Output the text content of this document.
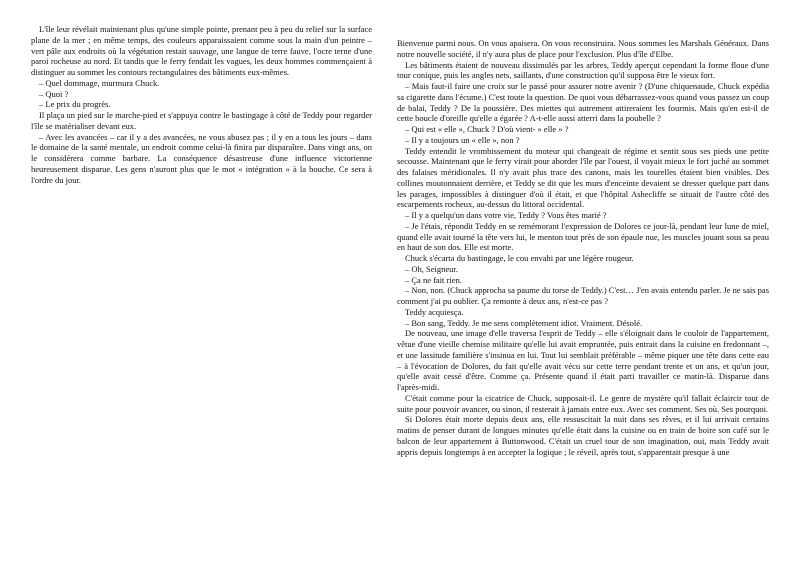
L'île leur révélait maintenant plus qu'une simple pointe, prenant peu à peu du relief sur la surface plane de la mer ; en même temps, des couleurs apparaissaient comme sous la main d'un peintre – vert pâle aux endroits où la végétation restait sauvage, une langue de terre fauve, l'ocre terne d'une paroi rocheuse au nord. Et tandis que le ferry fendait les vagues, les deux hommes commençaient à distinguer au sommet les contours rectangulaires des bâtiments eux-mêmes.

– Quel dommage, murmura Chuck.

– Quoi ?

– Le prix du progrès.

Il plaça un pied sur le marche-pied et s'appuya contre le bastingage à côté de Teddy pour regarder l'île se matérialiser devant eux.

– Avec les avancées – car il y a des avancées, ne vous abusez pas ; il y en a tous les jours – dans le domaine de la santé mentale, un endroit comme celui-là finira par disparaître. Dans vingt ans, on le considérera comme barbare. La conséquence désastreuse d'une influence victorienne heureusement disparue. Les gens n'auront plus que le mot « intégration » à la bouche. Ce sera à l'ordre du jour.

Bienvenue parmi nous. On vous apaisera. On vous reconstruira. Nous sommes les Marshals Généraux. Dans notre nouvelle société, il n'y aura plus de place pour l'exclusion. Plus d'île d'Elbe.

Les bâtiments étaient de nouveau dissimulés par les arbres, Teddy aperçut cependant la forme floue d'une tour conique, puis les angles nets, saillants, d'une construction qu'il supposa être le vieux fort.

– Mais faut-il faire une croix sur le passé pour assurer notre avenir ? (D'une chiquenaude, Chuck expédia sa cigarette dans l'écume.) C'est toute la question. De quoi vous débarrassez-vous quand vous passez un coup de balai, Teddy ? De la poussière. Des miettes qui autrement attireraient les fourmis. Mais qu'en est-il de cette boucle d'oreille qu'elle a égarée ? A-t-elle aussi atterri dans la poubelle ?

– Qui est « elle », Chuck ? D'où vient- » elle » ?

– Il y a toujours un « elle », non ?

Teddy entendit le vrombissement du moteur qui changeait de régime et sentit sous ses pieds une petite secousse. Maintenant que le ferry virait pour aborder l'île par l'ouest, il voyait mieux le fort juché au sommet des falaises méridionales. Il n'y avait plus trace des canons, mais les tourelles étaient bien visibles. Des collines moutonnaient derrière, et Teddy se dit que les murs d'enceinte devaient se dresser quelque part dans les parages, impossibles à distinguer d'où il était, et que l'hôpital Ashecliffe se situait de l'autre côté des escarpements rocheux, au-dessus du littoral occidental.

– Il y a quelqu'un dans votre vie, Teddy ? Vous êtes marié ?

– Je l'étais, répondit Teddy en se remémorant l'expression de Dolores ce jour-là, pendant leur lune de miel, quand elle avait tourné la tête vers lui, le menton tout près de son épaule nue, les muscles jouant sous sa peau en haut de son dos. Elle est morte.

Chuck s'écarta du bastingage, le cou envahi par une légère rougeur.

– Oh, Seigneur.

– Ça ne fait rien.

– Non, non. (Chuck approcha sa paume du torse de Teddy.) C'est… J'en avais entendu parler. Je ne sais pas comment j'ai pu oublier. Ça remonte à deux ans, n'est-ce pas ?

Teddy acquiesça.

– Bon sang, Teddy. Je me sens complètement idiot. Vraiment. Désolé.

De nouveau, une image d'elle traversa l'esprit de Teddy – elle s'éloignait dans le couloir de l'appartement, vêtue d'une vieille chemise militaire qu'elle lui avait empruntée, puis entrait dans la cuisine en fredonnant –, et une lassitude familière s'insinua en lui. Tout lui semblait préférable – même piquer une tête dans cette eau – à l'évocation de Dolores, du fait qu'elle avait vécu sur cette terre pendant trente et un ans, et qu'un jour, qu'elle avait cessé d'être. Comme ça. Présente quand il était parti travailler ce matin-là. Disparue dans l'après-midi.

C'était comme pour la cicatrice de Chuck, supposait-il. Le genre de mystère qu'il fallait éclaircir tout de suite pour pouvoir avancer, ou sinon, il resterait à jamais entre eux. Avec ses comment. Ses où. Ses pourquoi.

Si Dolores était morte depuis deux ans, elle ressuscitait la nuit dans ses rêves, et il lui arrivait certains matins de penser durant de longues minutes qu'elle était dans la cuisine ou en train de boire son café sur le balcon de leur appartement à Buttonwood. C'était un cruel tour de son imagination, oui, mais Teddy avait appris depuis longtemps à en accepter la logique ; le réveil, après tout, s'apparentait presque à une
